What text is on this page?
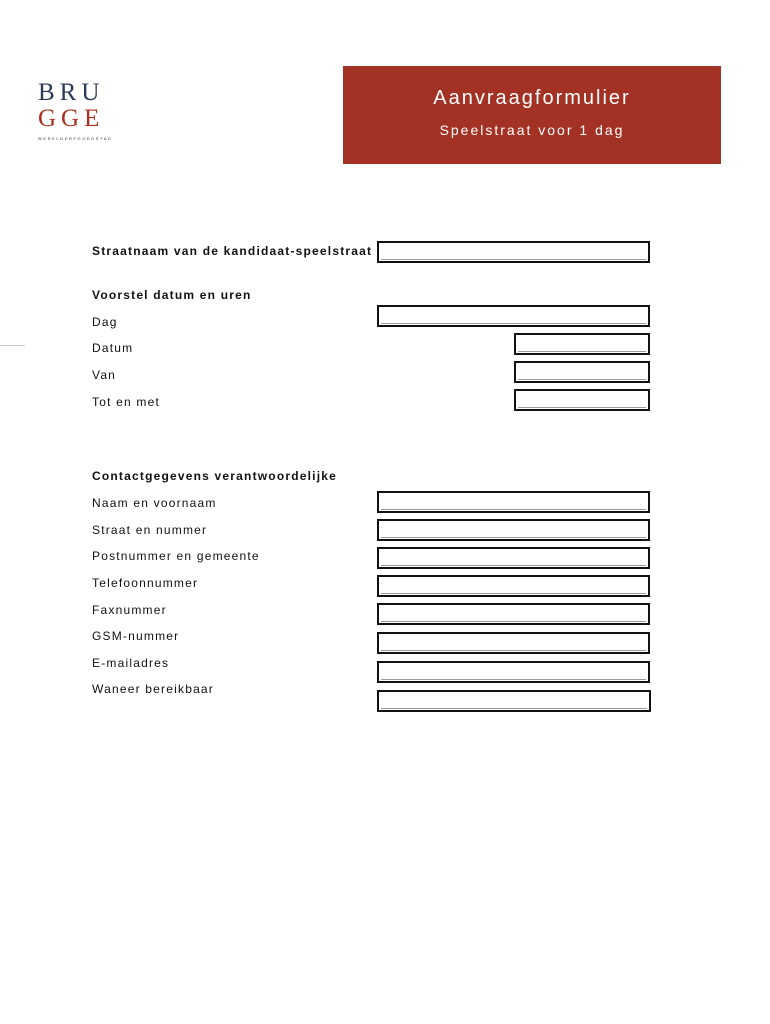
BRU
GGE
WERELDERFGOEDSTAD
Aanvraagformulier
Speelstraat voor 1 dag
Straatnaam van de kandidaat-speelstraat
Voorstel datum en uren
Dag
Datum
Van
Tot en met
Contactgegevens verantwoordelijke
Naam en voornaam
Straat en nummer
Postnummer en gemeente
Telefoonnummer
Faxnummer
GSM-nummer
E-mailadres
Waneer bereikbaar
